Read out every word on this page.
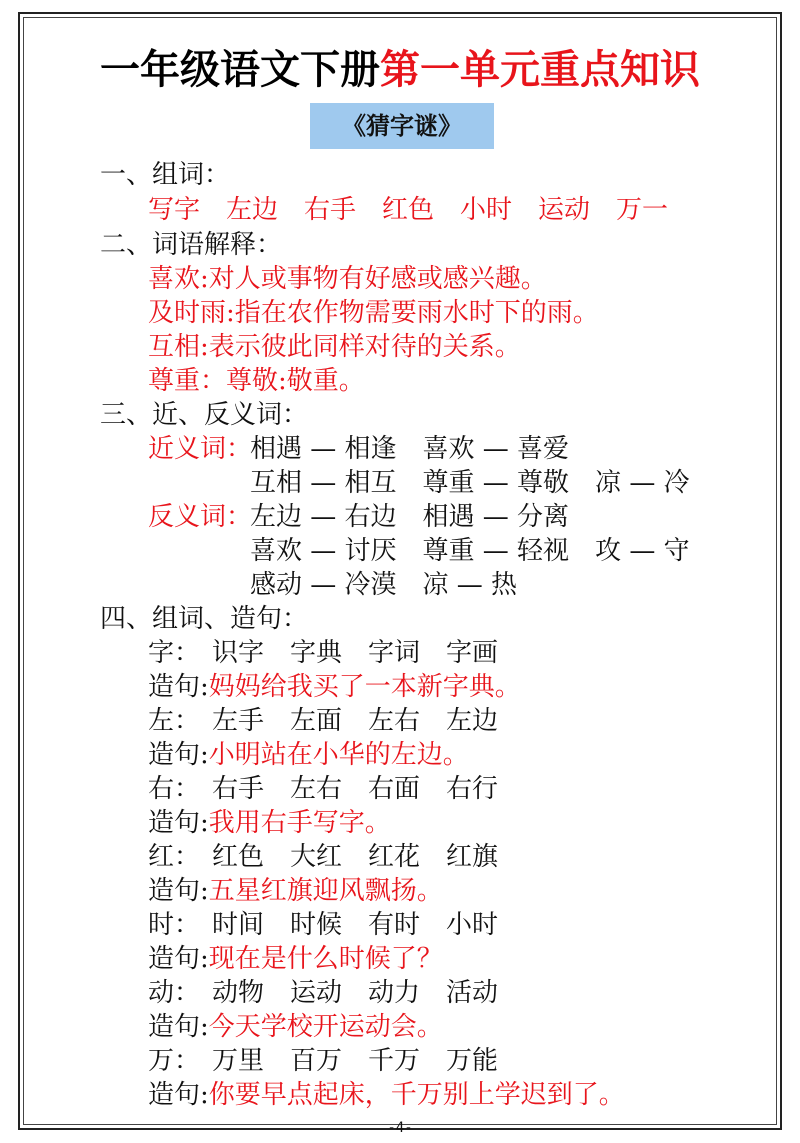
一年级语文下册第一单元重点知识
《猜字谜》
一、组词：
写字　左边　右手　红色　小时　运动　万一
二、词语解释：
喜欢:对人或事物有好感或感兴趣。
及时雨:指在农作物需要雨水时下的雨。
互相:表示彼此同样对待的关系。
尊重：尊敬:敬重。
三、近、反义词：
近义词：
相遇 — 相逢　喜欢 — 喜爱
互相 — 相互　尊重 — 尊敬　凉 — 冷
反义词：
左边 — 右边　相遇 — 分离
喜欢 — 讨厌　尊重 — 轻视　攻 — 守
感动 — 冷漠　凉 — 热
四、组词、造句：
字： 识字　字典　字词　字画
造句:妈妈给我买了一本新字典。
左： 左手　左面　左右　左边
造句:小明站在小华的左边。
右： 右手　左右　右面　右行
造句:我用右手写字。
红： 红色　大红　红花　红旗
造句:五星红旗迎风飘扬。
时： 时间　时候　有时　小时
造句:现在是什么时候了？
动： 动物　运动　动力　活动
造句:今天学校开运动会。
万： 万里　百万　千万　万能
造句:你要早点起床，千万别上学迟到了。
-4-
